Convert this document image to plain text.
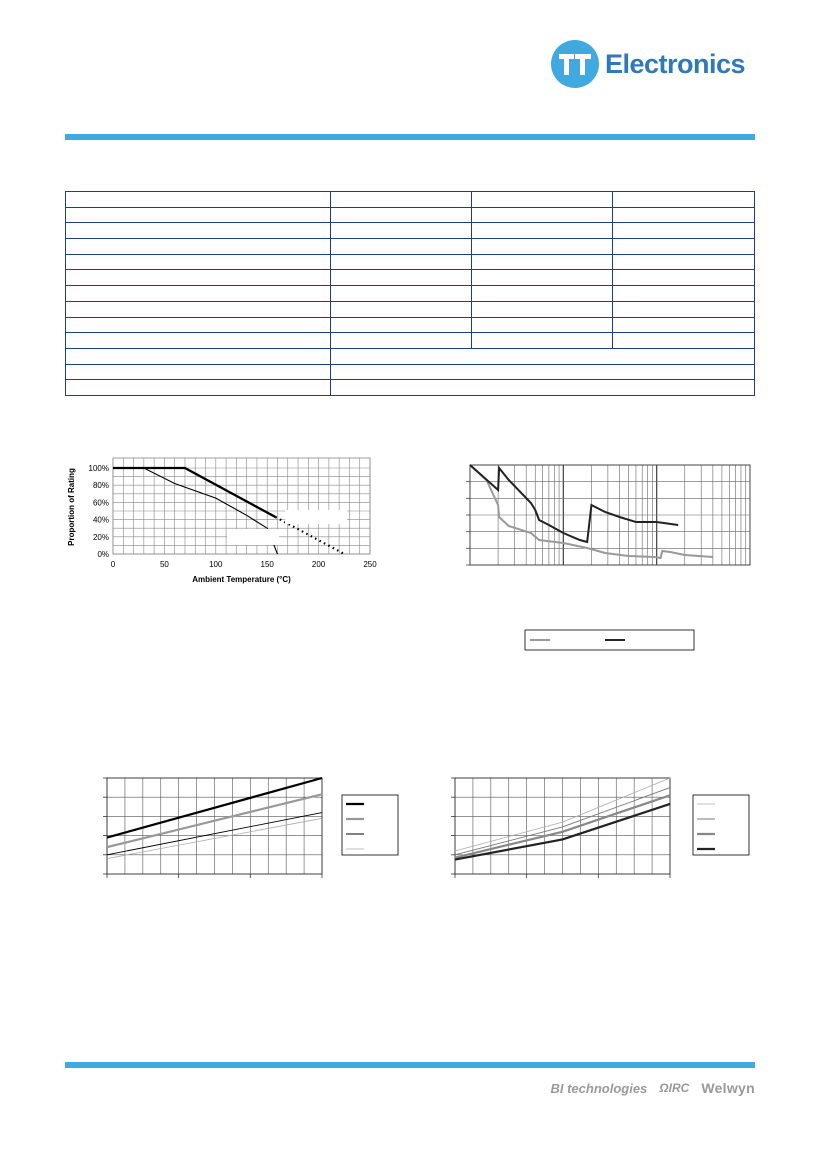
Electronics

0	50	100	150	200	250
0%
20%
40%
60%
80%
100%
Ambient Temperature (°C)
Proportion of Rating
BI technologies ΩIRC Welwyn
